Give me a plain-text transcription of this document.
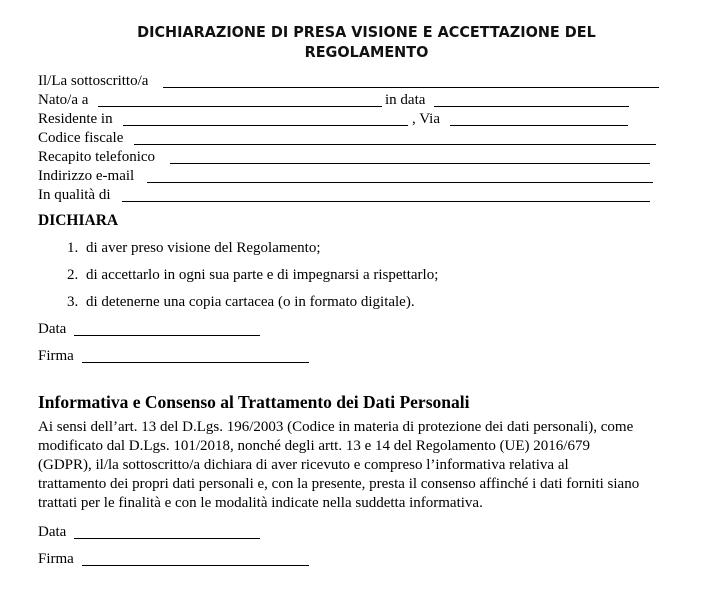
DICHIARAZIONE DI PRESA VISIONE E ACCETTAZIONE DEL
REGOLAMENTO
Il/La sottoscritto/a
Nato/a a	in data
Residente in	, Via
Codice fiscale
Recapito telefonico
Indirizzo e-mail
In qualità di
DICHIARA
1. di aver preso visione del Regolamento;
2. di accettarlo in ogni sua parte e di impegnarsi a rispettarlo;
3. di detenerne una copia cartacea (o in formato digitale).
Data
Firma
Informativa e Consenso al Trattamento dei Dati Personali
Ai sensi dell’art. 13 del D.Lgs. 196/2003 (Codice in materia di protezione dei dati personali), come
modificato dal D.Lgs. 101/2018, nonché degli artt. 13 e 14 del Regolamento (UE) 2016/679
(GDPR), il/la sottoscritto/a dichiara di aver ricevuto e compreso l’informativa relativa al
trattamento dei propri dati personali e, con la presente, presta il consenso affinché i dati forniti siano
trattati per le finalità e con le modalità indicate nella suddetta informativa.
Data
Firma
